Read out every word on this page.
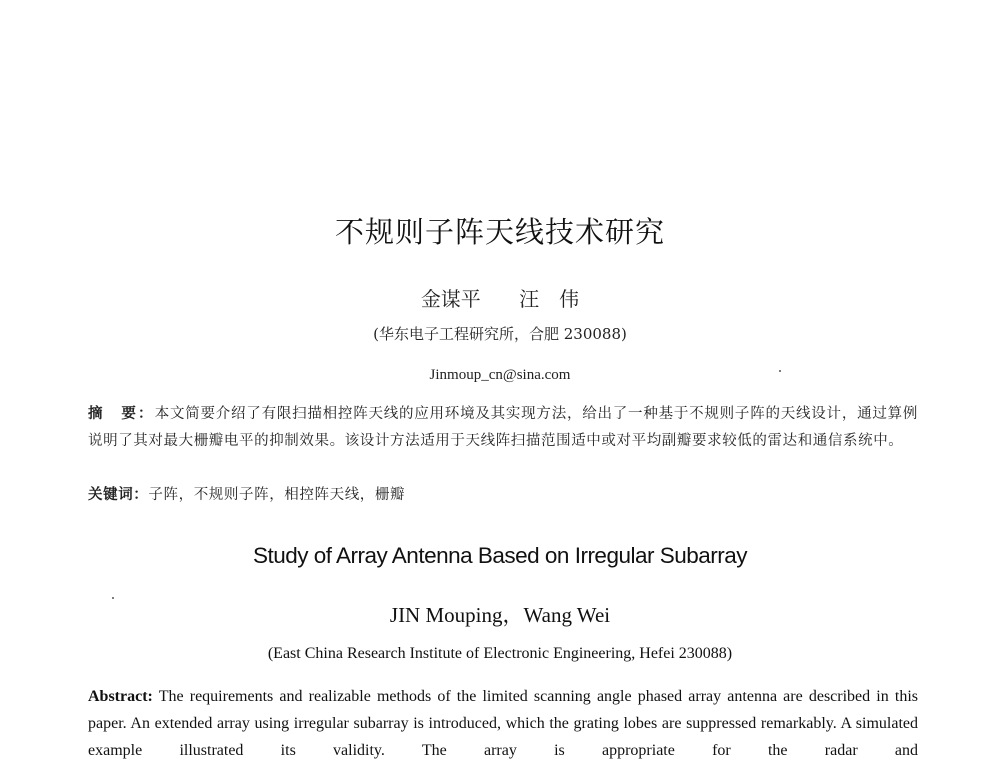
不规则子阵天线技术研究
金谋平 汪　伟
(华东电子工程研究所，合肥 230088)
Jinmoup_cn@sina.com
摘　要：本文简要介绍了有限扫描相控阵天线的应用环境及其实现方法，给出了一种基于不规则子阵的天线设计，通过算例说明了其对最大栅瓣电平的抑制效果。该设计方法适用于天线阵扫描范围适中或对平均副瓣要求较低的雷达和通信系统中。
关键词：子阵，不规则子阵，相控阵天线，栅瓣
Study of Array Antenna Based on Irregular Subarray
JIN Mouping，Wang Wei
(East China Research Institute of Electronic Engineering, Hefei 230088)
Abstract: The requirements and realizable methods of the limited scanning angle phased array antenna are described in this paper. An extended array using irregular subarray is introduced, which the grating lobes are suppressed remarkably. A simulated example illustrated its validity. The array is appropriate for the radar and
